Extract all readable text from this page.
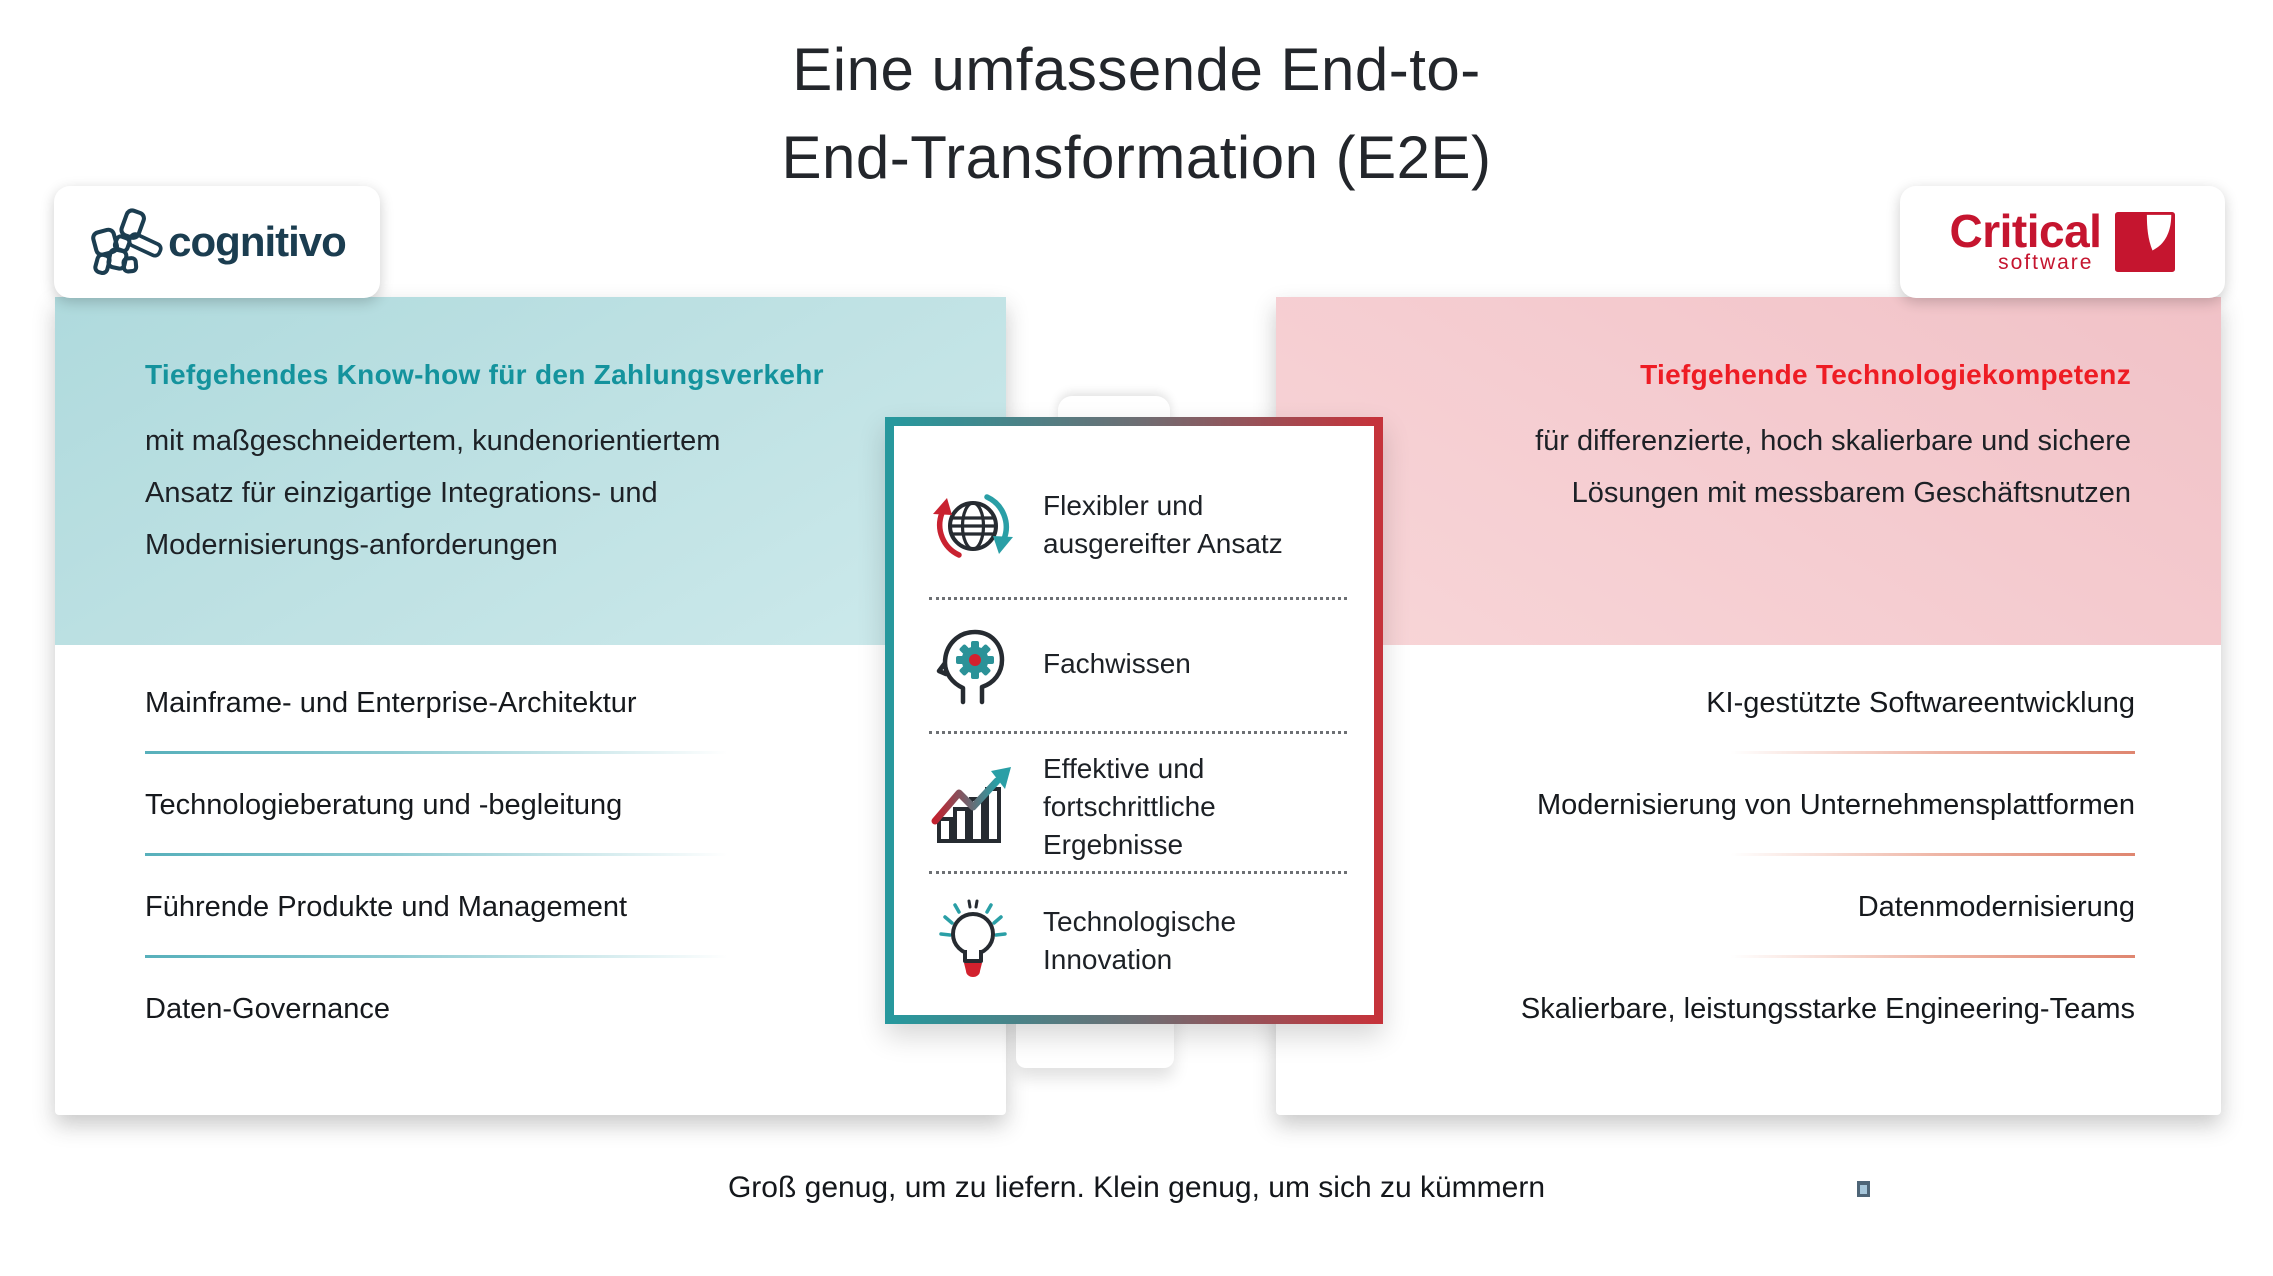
Eine umfassende End-to-
End-Transformation (E2E)
cognitivo	Critical
software
Tiefgehendes Know-how für den Zahlungsverkehr

mit maßgeschneidertem, kundenorientiertem Ansatz für einzigartige Integrations- und Modernisierungs-anforderungen

Mainframe- und Enterprise-Architektur
Technologieberatung und -begleitung
Führende Produkte und Management
Daten-Governance
Tiefgehende Technologiekompetenz

für differenzierte, hoch skalierbare und sichere Lösungen mit messbarem Geschäftsnutzen

KI-gestützte Softwareentwicklung
Modernisierung von Unternehmensplattformen
Datenmodernisierung
Skalierbare, leistungsstarke Engineering-Teams
Flexibler und ausgereifter Ansatz
Fachwissen
Effektive und fortschrittliche Ergebnisse
Technologische Innovation

Groß genug, um zu liefern. Klein genug, um sich zu kümmern
